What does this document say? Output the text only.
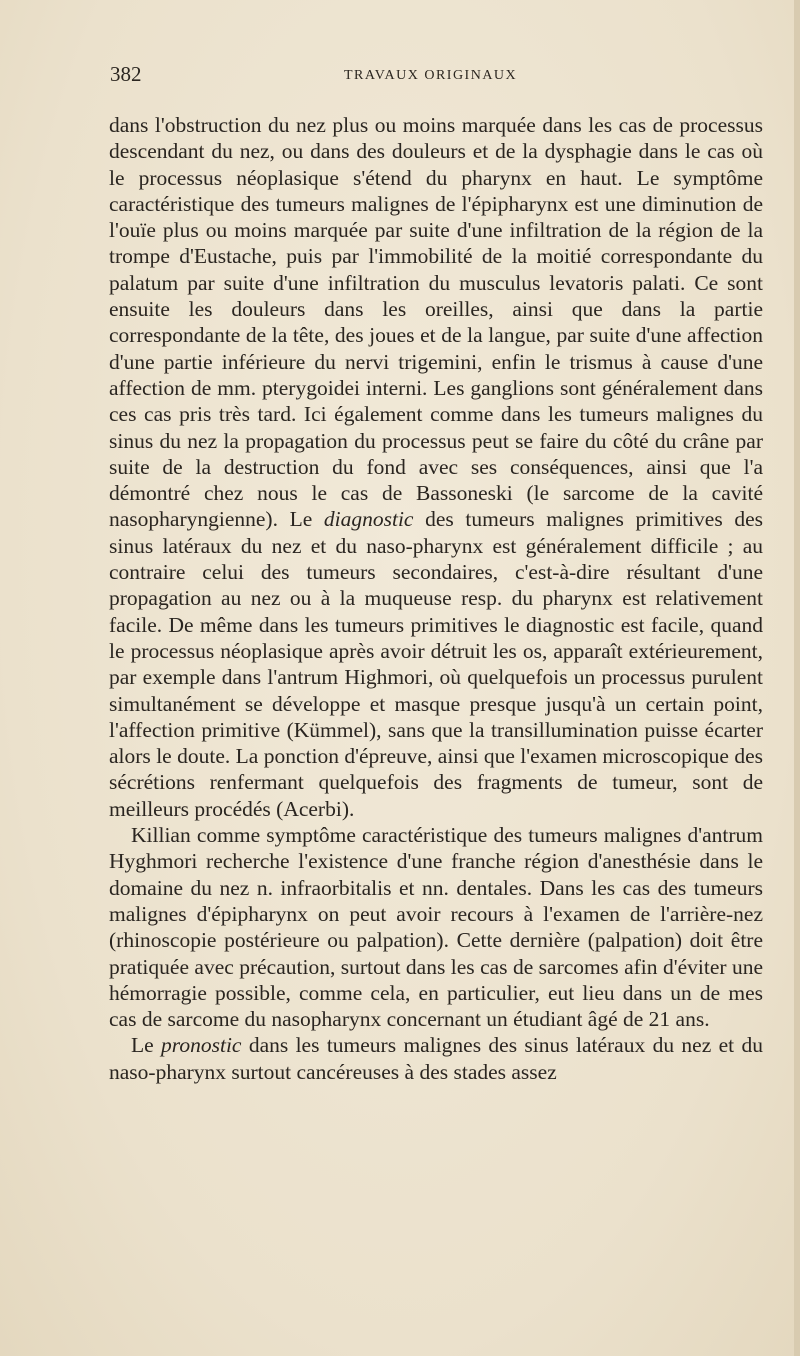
382	TRAVAUX ORIGINAUX

dans l'obstruction du nez plus ou moins marquée dans les cas de processus descendant du nez, ou dans des douleurs et de la dysphagie dans le cas où le processus néoplasique s'étend du pharynx en haut. Le symptôme caractéristique des tumeurs malignes de l'épipharynx est une diminution de l'ouïe plus ou moins marquée par suite d'une infiltration de la région de la trompe d'Eustache, puis par l'immobilité de la moitié correspondante du palatum par suite d'une infiltration du musculus levatoris palati. Ce sont ensuite les douleurs dans les oreilles, ainsi que dans la partie correspondante de la tête, des joues et de la langue, par suite d'une affection d'une partie inférieure du nervi trigemini, enfin le trismus à cause d'une affection de mm. pterygoidei interni. Les ganglions sont généralement dans ces cas pris très tard. Ici également comme dans les tumeurs malignes du sinus du nez la propagation du processus peut se faire du côté du crâne par suite de la destruction du fond avec ses conséquences, ainsi que l'a démontré chez nous le cas de Bassoneski (le sarcome de la cavité nasopharyngienne). Le diagnostic des tumeurs malignes primitives des sinus latéraux du nez et du naso-pharynx est généralement difficile ; au contraire celui des tumeurs secondaires, c'est-à-dire résultant d'une propagation au nez ou à la muqueuse resp. du pharynx est relativement facile. De même dans les tumeurs primitives le diagnostic est facile, quand le processus néoplasique après avoir détruit les os, apparaît extérieurement, par exemple dans l'antrum Highmori, où quelquefois un processus purulent simultanément se développe et masque presque jusqu'à un certain point, l'affection primitive (Kümmel), sans que la transillumination puisse écarter alors le doute. La ponction d'épreuve, ainsi que l'examen microscopique des sécrétions renfermant quelquefois des fragments de tumeur, sont de meilleurs procédés (Acerbi).

Killian comme symptôme caractéristique des tumeurs malignes d'antrum Hyghmori recherche l'existence d'une franche région d'anesthésie dans le domaine du nez n. infraorbitalis et nn. dentales. Dans les cas des tumeurs malignes d'épipharynx on peut avoir recours à l'examen de l'arrière-nez (rhinoscopie postérieure ou palpation). Cette dernière (palpation) doit être pratiquée avec précaution, surtout dans les cas de sarcomes afin d'éviter une hémorragie possible, comme cela, en particulier, eut lieu dans un de mes cas de sarcome du nasopharynx concernant un étudiant âgé de 21 ans.

Le pronostic dans les tumeurs malignes des sinus latéraux du nez et du naso-pharynx surtout cancéreuses à des stades assez
